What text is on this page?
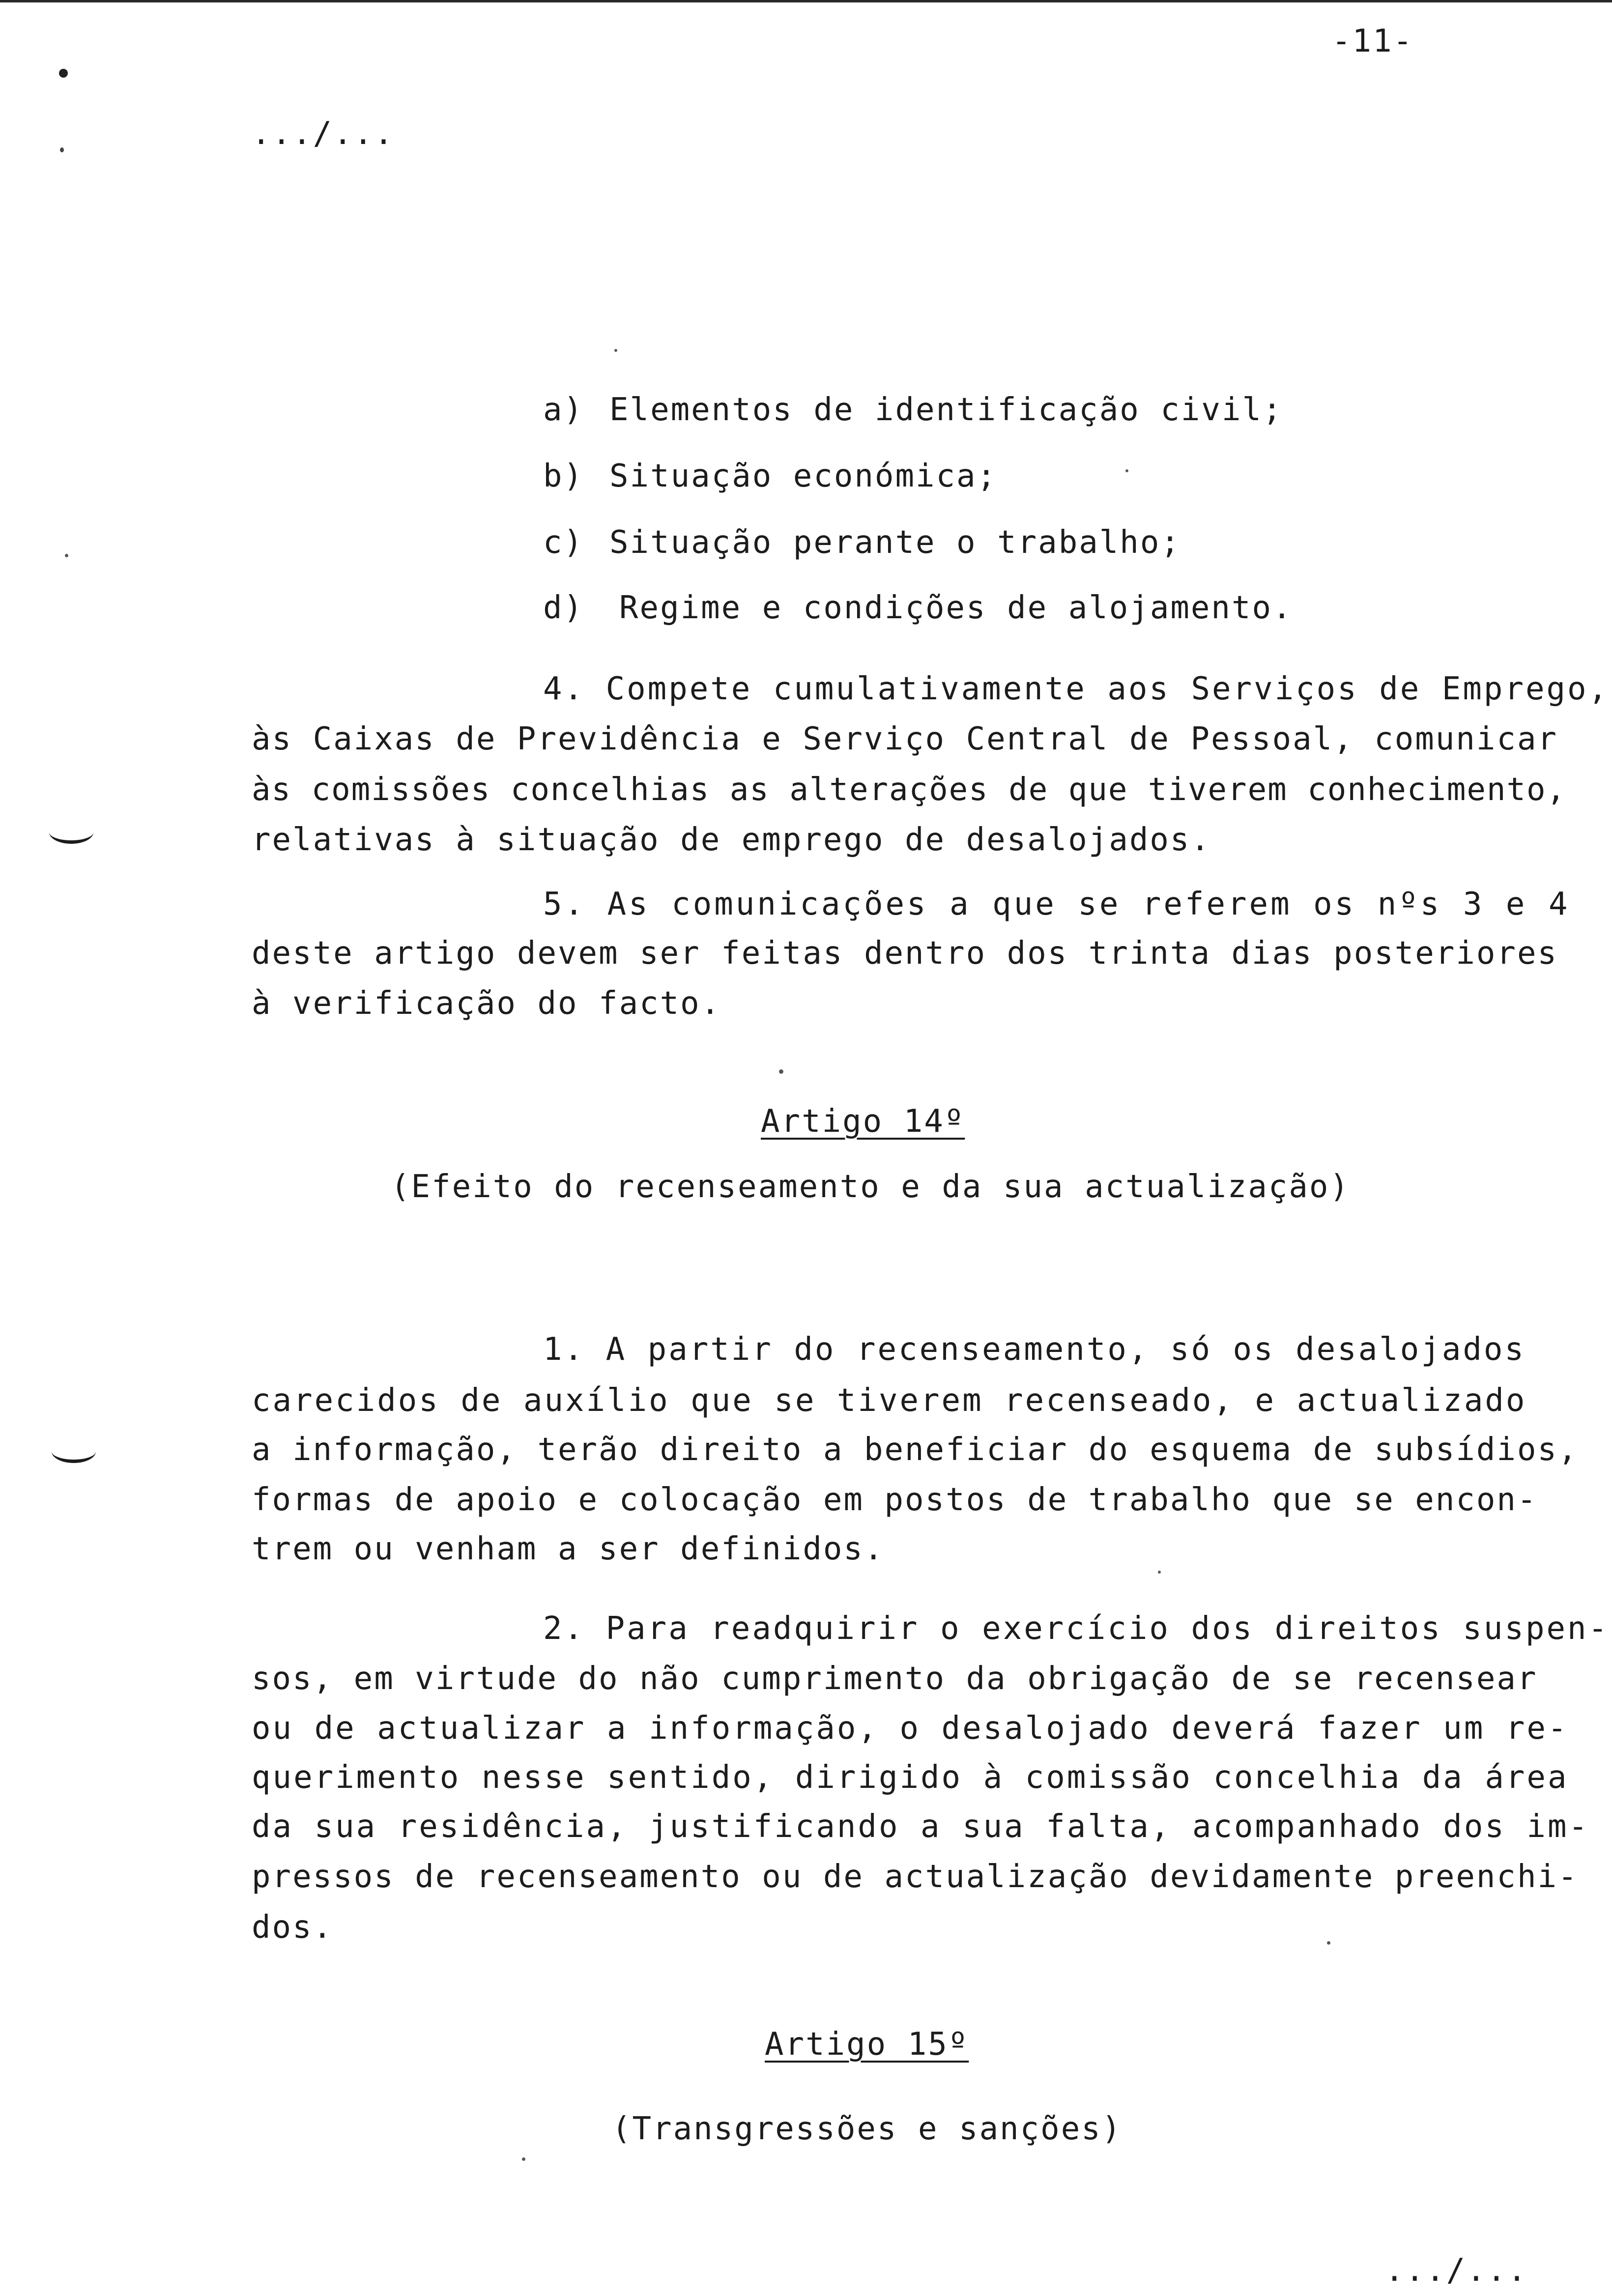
-11-
.../...
a) Elementos de identificação civil;
b) Situação económica;
c) Situação perante o trabalho;
d) Regime e condições de alojamento.
4. Compete cumulativamente aos Serviços de Emprego,
às Caixas de Previdência e Serviço Central de Pessoal, comunicar
às comissões concelhias as alterações de que tiverem conhecimento,
relativas à situação de emprego de desalojados.
5. As comunicações a que se referem os nºs 3 e 4
deste artigo devem ser feitas dentro dos trinta dias posteriores
à verificação do facto.
Artigo 14º
(Efeito do recenseamento e da sua actualização)
1. A partir do recenseamento, só os desalojados
carecidos de auxílio que se tiverem recenseado, e actualizado
a informação, terão direito a beneficiar do esquema de subsídios,
formas de apoio e colocação em postos de trabalho que se encon-
trem ou venham a ser definidos.
2. Para readquirir o exercício dos direitos suspen-
sos, em virtude do não cumprimento da obrigação de se recensear
ou de actualizar a informação, o desalojado deverá fazer um re-
querimento nesse sentido, dirigido à comissão concelhia da área
da sua residência, justificando a sua falta, acompanhado dos im-
pressos de recenseamento ou de actualização devidamente preenchi-
dos.
Artigo 15º
(Transgressões e sanções)
.../...
